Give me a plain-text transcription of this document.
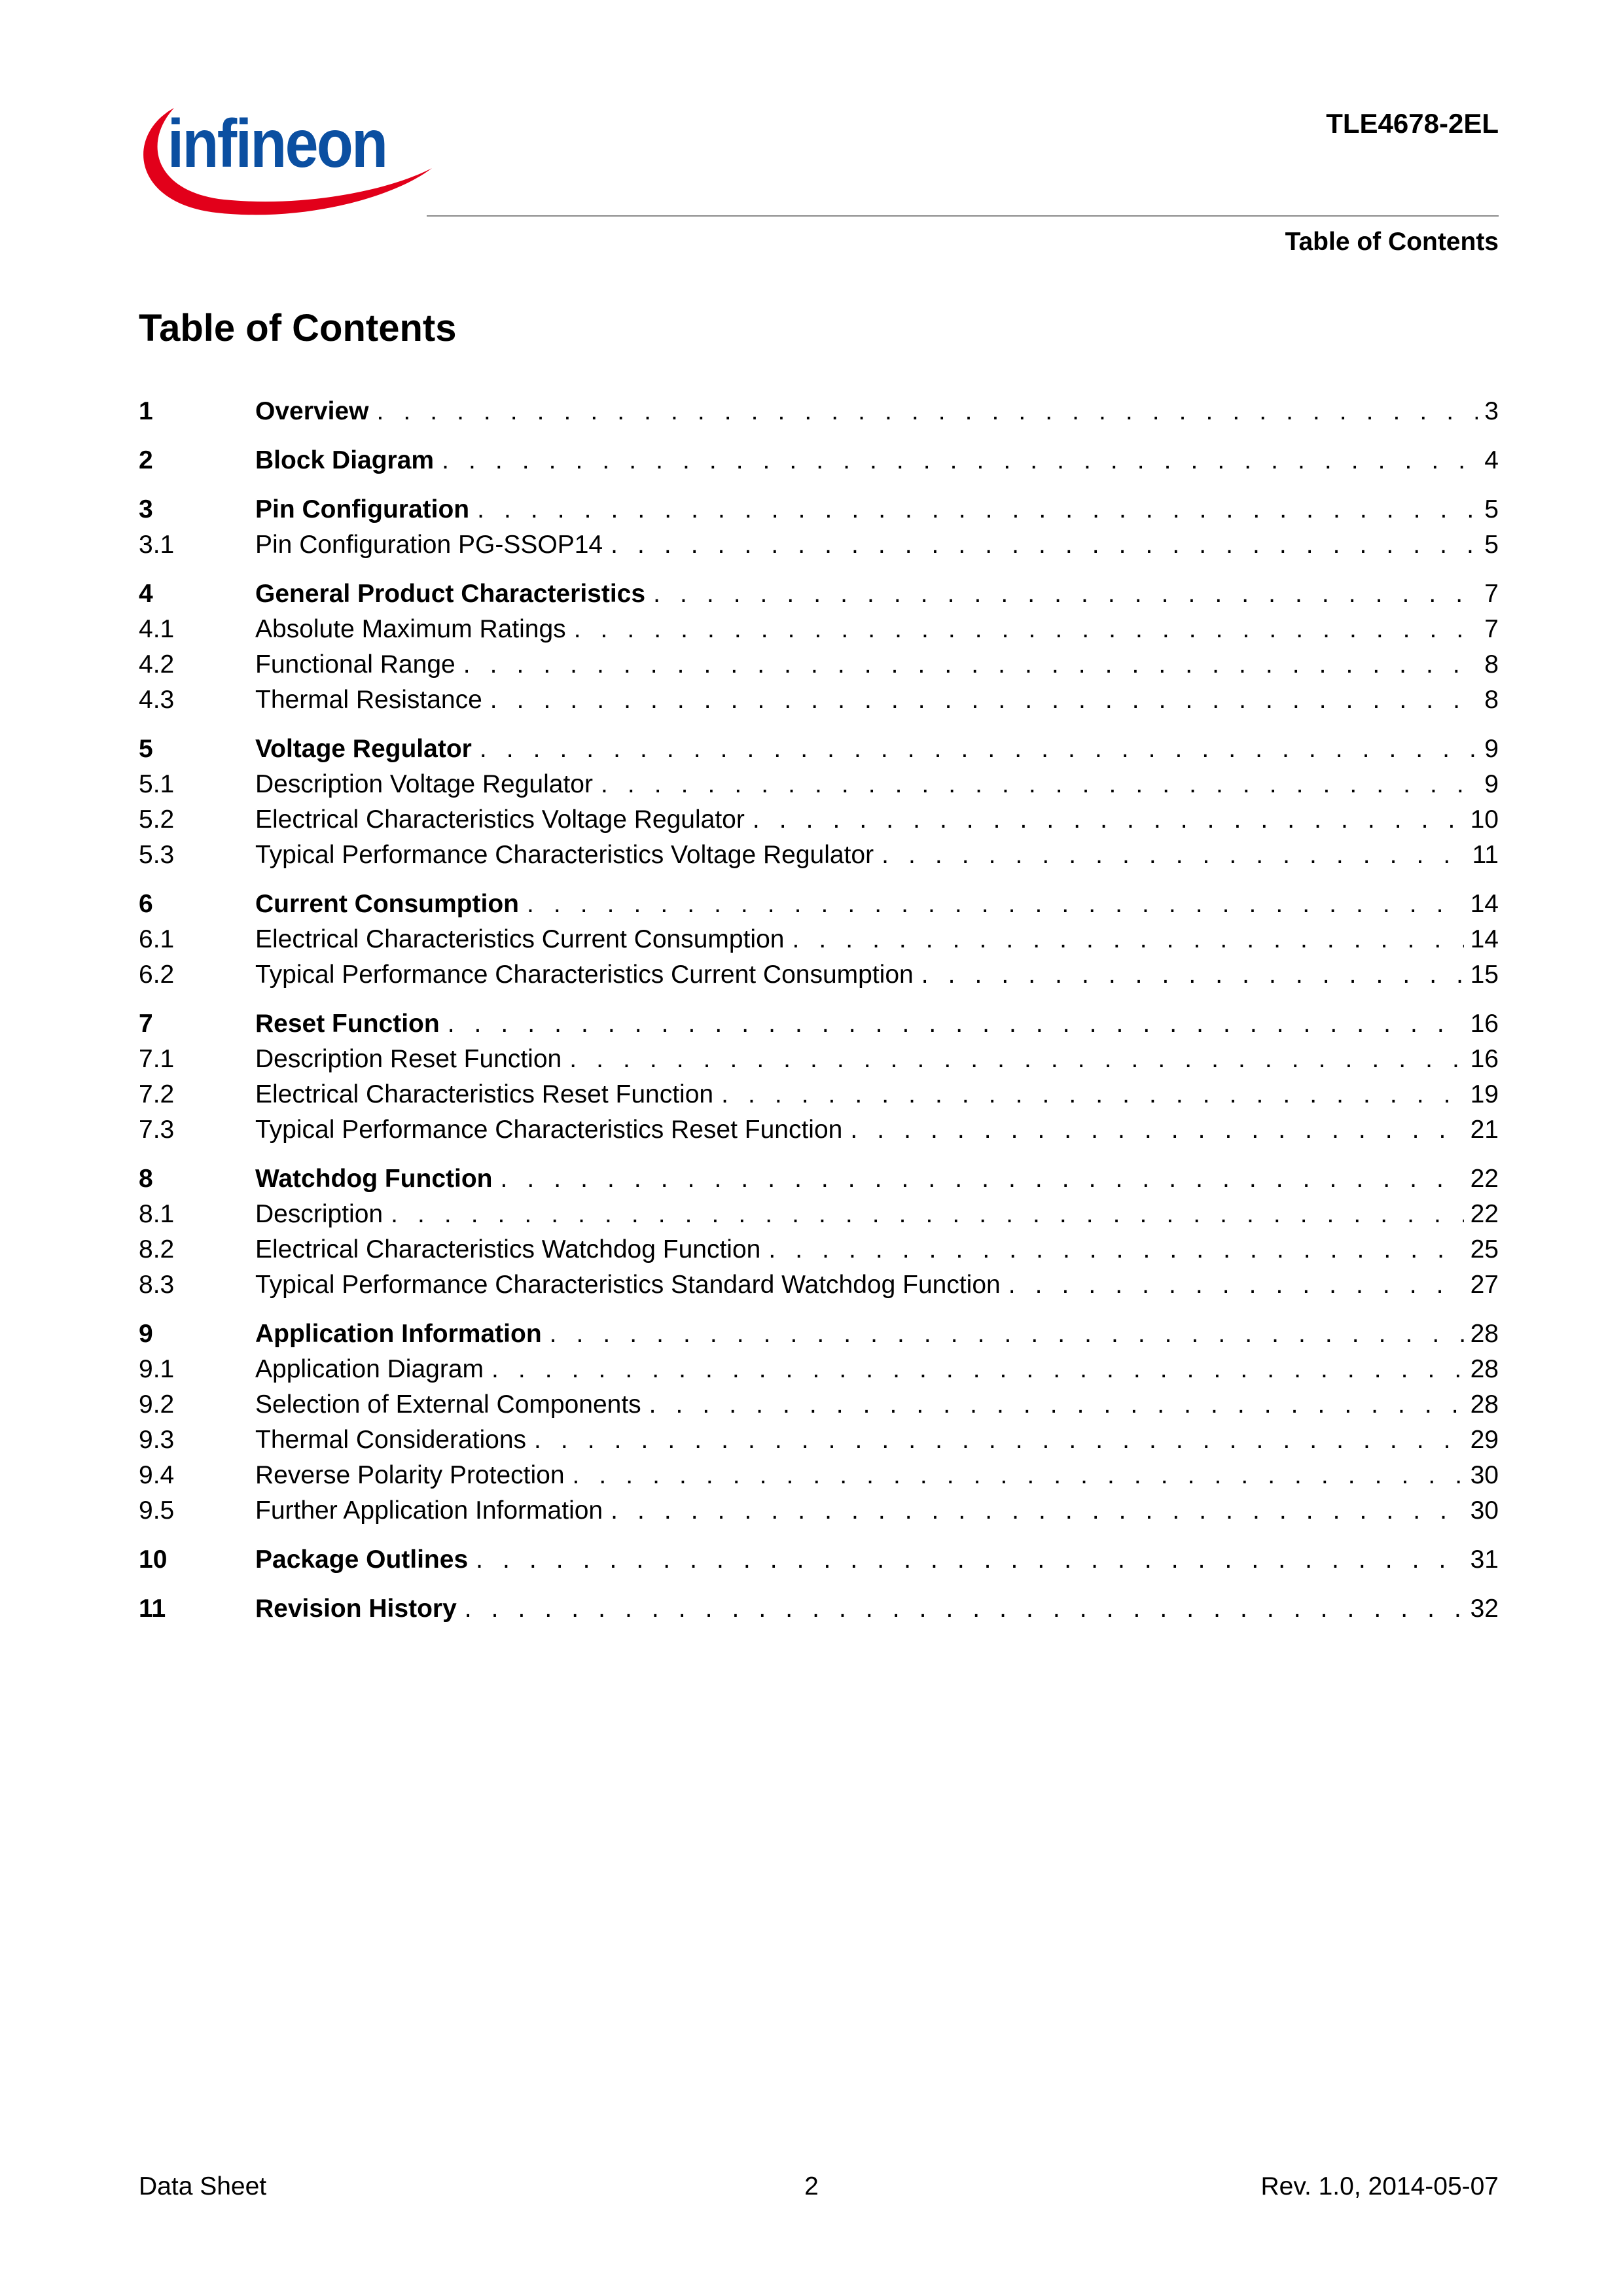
infineon	TLE4678-2EL
Table of Contents
Table of Contents
1	Overview . . .	3
2	Block Diagram . . .	4
3	Pin Configuration . . .	5
3.1	Pin Configuration PG-SSOP14 . . .	5
4	General Product Characteristics . . .	7
4.1	Absolute Maximum Ratings . . .	7
4.2	Functional Range . . .	8
4.3	Thermal Resistance . . .	8
5	Voltage Regulator . . .	9
5.1	Description Voltage Regulator . . .	9
5.2	Electrical Characteristics Voltage Regulator . . .	10
5.3	Typical Performance Characteristics Voltage Regulator . . .	11
6	Current Consumption . . .	14
6.1	Electrical Characteristics Current Consumption . . .	14
6.2	Typical Performance Characteristics Current Consumption . . .	15
7	Reset Function . . .	16
7.1	Description Reset Function . . .	16
7.2	Electrical Characteristics Reset Function . . .	19
7.3	Typical Performance Characteristics Reset Function . . .	21
8	Watchdog Function . . .	22
8.1	Description . . .	22
8.2	Electrical Characteristics Watchdog Function . . .	25
8.3	Typical Performance Characteristics Standard Watchdog Function . . .	27
9	Application Information . . .	28
9.1	Application Diagram . . .	28
9.2	Selection of External Components . . .	28
9.3	Thermal Considerations . . .	29
9.4	Reverse Polarity Protection . . .	30
9.5	Further Application Information . . .	30
10	Package Outlines . . .	31
11	Revision History . . .	32
Data Sheet	2	Rev. 1.0, 2014-05-07
